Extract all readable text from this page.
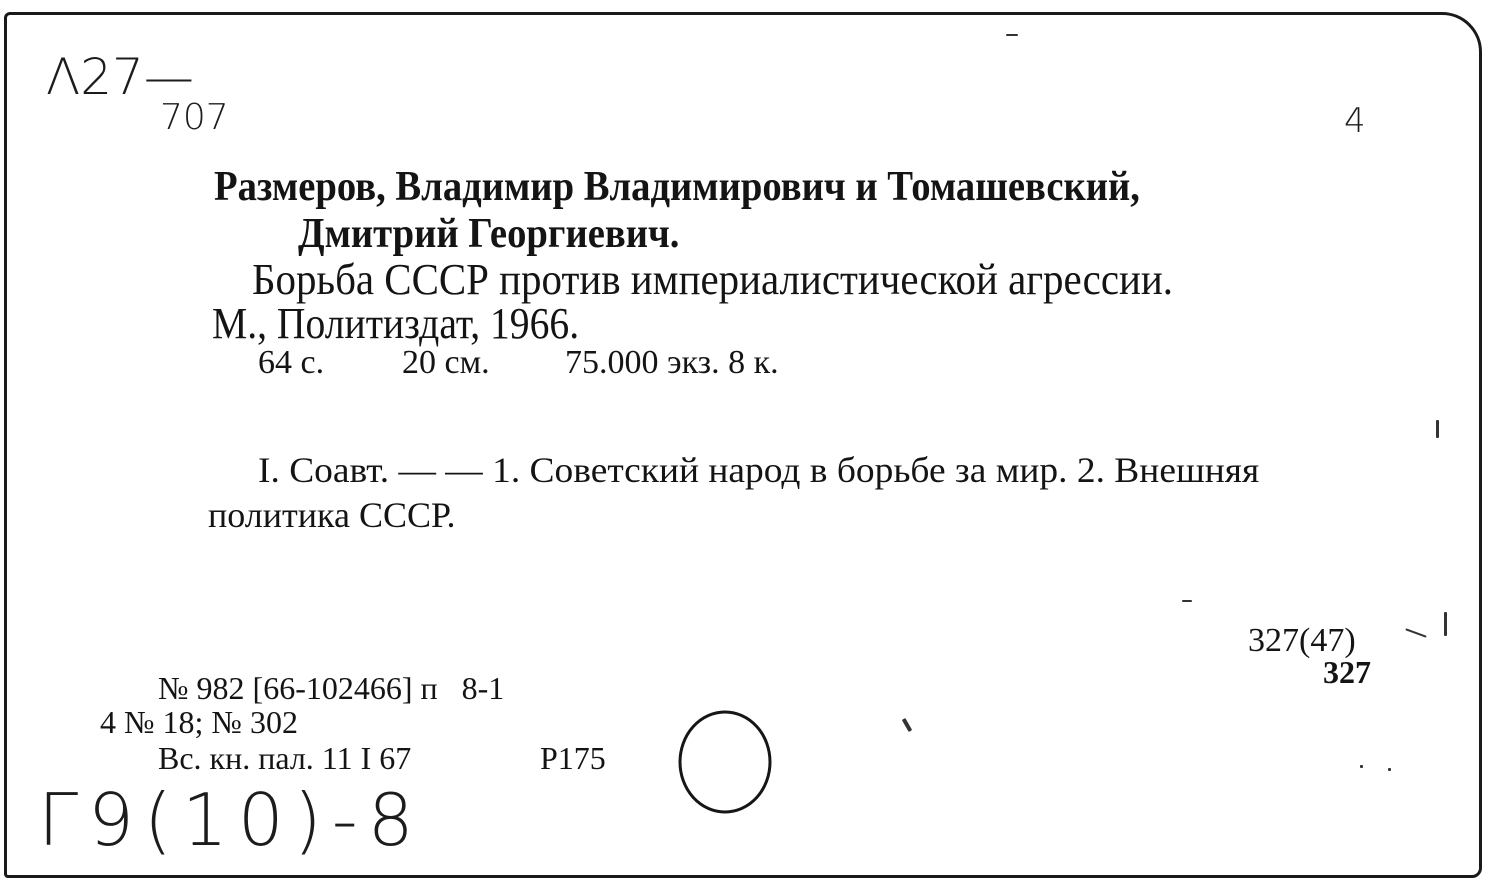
Λ27—
707	4
Размеров, Владимир Владимирович и Томашевский,
Дмитрий Георгиевич.
Борьба СССР против империалистической агрессии.
М., Политиздат, 1966.
64 с. 20 см. 75.000 экз. 8 к.
I. Соавт. — — 1. Советский народ в борьбе за мир. 2. Внешняя
политика СССР.
327(47)
327
№ 982 [66-102466] п   8-1
4 № 18; № 302
Вс. кн. пал. 11 I 67	P175
Г9(10)-8
